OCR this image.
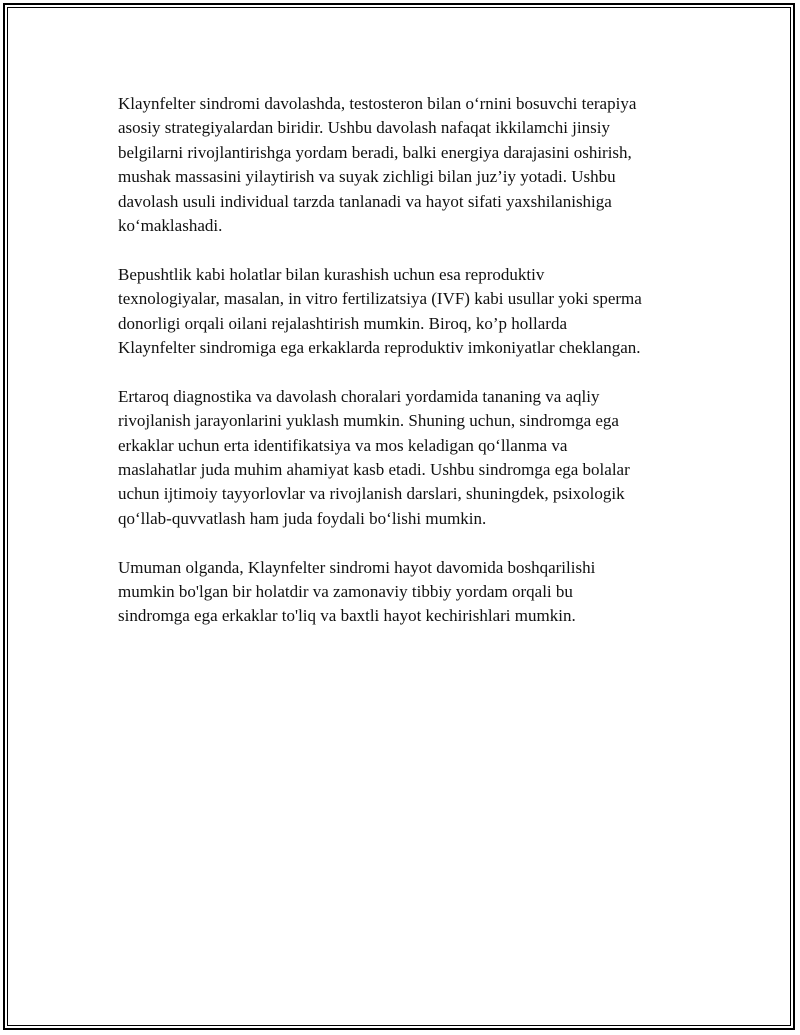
Klaynfelter sindromi davolashda, testosteron bilan o‘rnini bosuvchi terapiya
asosiy strategiyalardan biridir. Ushbu davolash nafaqat ikkilamchi jinsiy
belgilarni rivojlantirishga yordam beradi, balki energiya darajasini oshirish,
mushak massasini yilaytirish va suyak zichligi bilan juz’iy yotadi. Ushbu
davolash usuli individual tarzda tanlanadi va hayot sifati yaxshilanishiga
ko‘maklashadi.

Bepushtlik kabi holatlar bilan kurashish uchun esa reproduktiv
texnologiyalar, masalan, in vitro fertilizatsiya (IVF) kabi usullar yoki sperma
donorligi orqali oilani rejalashtirish mumkin. Biroq, ko’p hollarda
Klaynfelter sindromiga ega erkaklarda reproduktiv imkoniyatlar cheklangan.

Ertaroq diagnostika va davolash choralari yordamida tananing va aqliy
rivojlanish jarayonlarini yuklash mumkin. Shuning uchun, sindromga ega
erkaklar uchun erta identifikatsiya va mos keladigan qo‘llanma va
maslahatlar juda muhim ahamiyat kasb etadi. Ushbu sindromga ega bolalar
uchun ijtimoiy tayyorlovlar va rivojlanish darslari, shuningdek, psixologik
qo‘llab-quvvatlash ham juda foydali bo‘lishi mumkin.

Umuman olganda, Klaynfelter sindromi hayot davomida boshqarilishi
mumkin bo'lgan bir holatdir va zamonaviy tibbiy yordam orqali bu
sindromga ega erkaklar to'liq va baxtli hayot kechirishlari mumkin.
